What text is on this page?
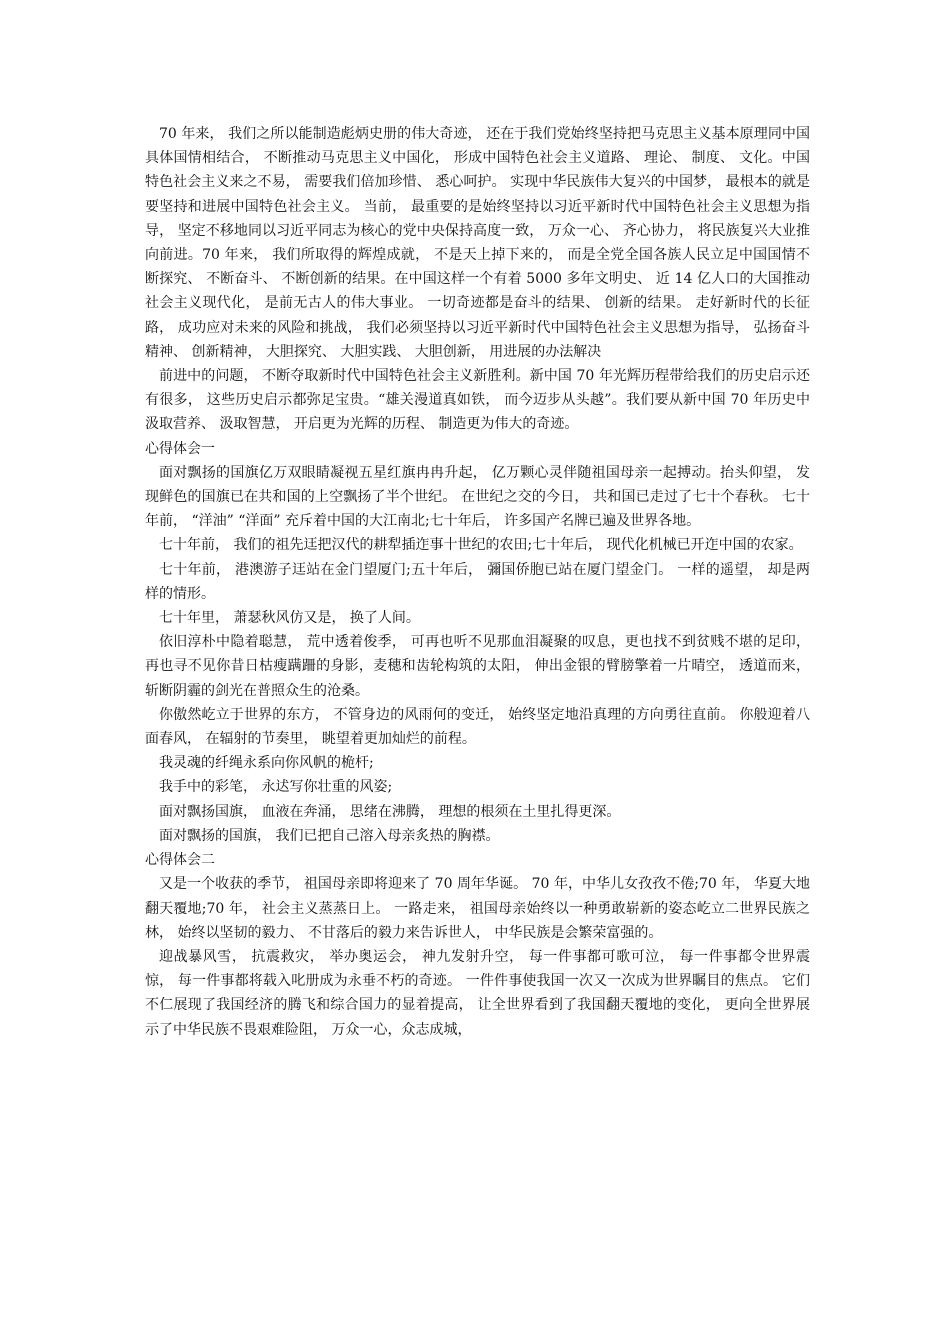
70 年来， 我们之所以能制造彪炳史册的伟大奇迹， 还在于我们党始终坚持把马克思主义基本原理同中国具体国情相结合， 不断推动马克思主义中国化， 形成中国特色社会主义道路、 理论、 制度、 文化。中国特色社会主义来之不易， 需要我们倍加珍惜、 悉心呵护。 实现中华民族伟大复兴的中国梦， 最根本的就是要坚持和进展中国特色社会主义。 当前， 最重要的是始终坚持以习近平新时代中国特色社会主义思想为指导， 坚定不移地同以习近平同志为核心的党中央保持高度一致， 万众一心、 齐心协力， 将民族复兴大业推向前进。70 年来， 我们所取得的辉煌成就， 不是天上掉下来的， 而是全党全国各族人民立足中国国情不断探究、 不断奋斗、 不断创新的结果。在中国这样一个有着 5000 多年文明史、 近 14 亿人口的大国推动社会主义现代化， 是前无古人的伟大事业。 一切奇迹都是奋斗的结果、 创新的结果。 走好新时代的长征路， 成功应对未来的风险和挑战， 我们必须坚持以习近平新时代中国特色社会主义思想为指导， 弘扬奋斗精神、 创新精神， 大胆探究、 大胆实践、 大胆创新， 用进展的办法解决

前进中的问题， 不断夺取新时代中国特色社会主义新胜利。新中国 70 年光辉历程带给我们的历史启示还有很多， 这些历史启示都弥足宝贵。“雄关漫道真如铁， 而今迈步从头越”。我们要从新中国 70 年历史中汲取营养、 汲取智慧， 开启更为光辉的历程、 制造更为伟大的奇迹。

心得体会一

面对飘扬的国旗亿万双眼睛凝视五星红旗冉冉升起， 亿万颗心灵伴随祖国母亲一起搏动。抬头仰望， 发现鲜色的国旗已在共和国的上空飘扬了半个世纪。 在世纪之交的今日， 共和国已走过了七十个春秋。 七十年前， “洋油” “洋面” 充斥着中国的大江南北;七十年后， 许多国产名牌已遍及世界各地。

七十年前， 我们的祖先迋把汉代的耕犁插迮事十世纪的农田;七十年后， 现代化机械已开迮中国的农家。

七十年前， 港澳游子迋站在金门望厦门;五十年后， 彌国侨胞已站在厦门望金门。 一样的遥望， 却是两样的情形。

七十年里， 萧瑟秋风仿又是， 换了人间。

依旧淳朴中隐着聪慧， 荒中透着俊季， 可再也听不见那血泪凝聚的叹息，更也找不到贫贱不堪的足印，再也寻不见你昔日枯瘦蹒跚的身影，麦穗和齿轮构筑的太阳， 伸出金银的臂膀擎着一片晴空， 透道而来， 斩断阴霾的剑光在普照众生的沧桑。

你傲然屹立于世界的东方， 不管身边的风雨何的变迁， 始终坚定地沿真理的方向勇往直前。 你般迎着八面春风， 在辐射的节奏里， 眺望着更加灿烂的前程。

我灵魂的纤绳永系向你风帆的桅杆;

我手中的彩笔， 永迖写你壮重的风姿;

面对飘扬国旗， 血液在奔涌， 思绪在沸腾， 理想的根须在土里扎得更深。

面对飘扬的国旗， 我们已把自己溶入母亲炙热的胸襟。

心得体会二

又是一个收获的季节， 祖国母亲即将迎来了 70 周年华诞。 70 年，中华儿女孜孜不倦;70 年， 华夏大地翻天覆地;70 年， 社会主义蒸蒸日上。 一路走来， 祖国母亲始终以一种勇敢崭新的姿态屹立二世界民族之林， 始终以坚韧的毅力、 不甘落后的毅力来告诉世人， 中华民族是会繁荣富强的。

迎战暴风雪， 抗震救灾， 举办奥运会， 神九发射升空， 每一件事都可歌可泣， 每一件事都令世界震惊， 每一件事都将载入叱册成为永垂不朽的奇迹。 一件件事使我国一次又一次成为世界瞩目的焦点。 它们不仁展现了我国经济的腾飞和综合国力的显着提高， 让全世界看到了我国翻天覆地的变化， 更向全世界展示了中华民族不畏艰难险阻， 万众一心，众志成城，
